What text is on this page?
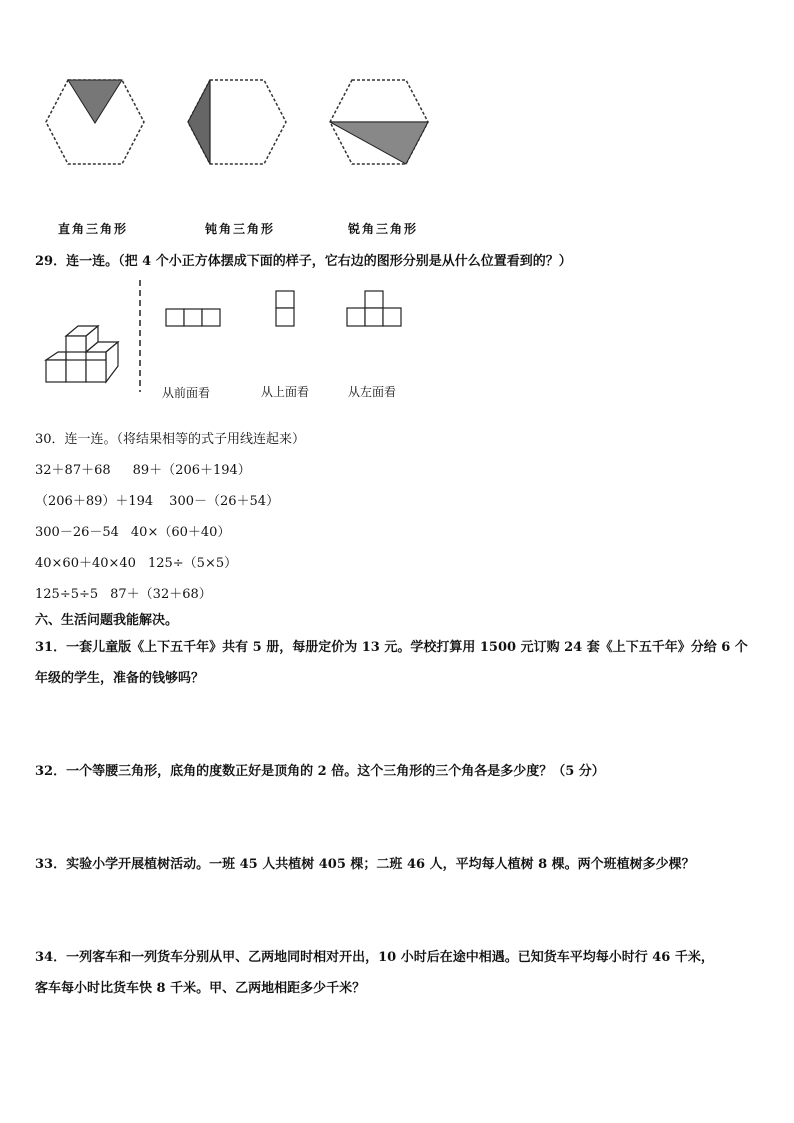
直角三角形	钝角三角形	锐角三角形
29．连一连。（把 4 个小正方体摆成下面的样子，它右边的图形分别是从什么位置看到的？）
从前面看	从上面看	从左面看
30．连一连。（将结果相等的式子用线连起来）
32＋87＋68 89＋（206＋194）
（206＋89）＋194 300－（26＋54）
300－26－54 40×（60＋40）
40×60＋40×40 125÷（5×5）
125÷5÷5 87＋（32＋68）
六、生活问题我能解决。
31．一套儿童版《上下五千年》共有 5 册，每册定价为 13 元。学校打算用 1500 元订购 24 套《上下五千年》分给 6 个
年级的学生，准备的钱够吗？
32．一个等腰三角形，底角的度数正好是顶角的 2 倍。这个三角形的三个角各是多少度？（5 分）
33．实验小学开展植树活动。一班 45 人共植树 405 棵；二班 46 人，平均每人植树 8 棵。两个班植树多少棵？
34．一列客车和一列货车分别从甲、乙两地同时相对开出，10 小时后在途中相遇。已知货车平均每小时行 46 千米，
客车每小时比货车快 8 千米。甲、乙两地相距多少千米？
